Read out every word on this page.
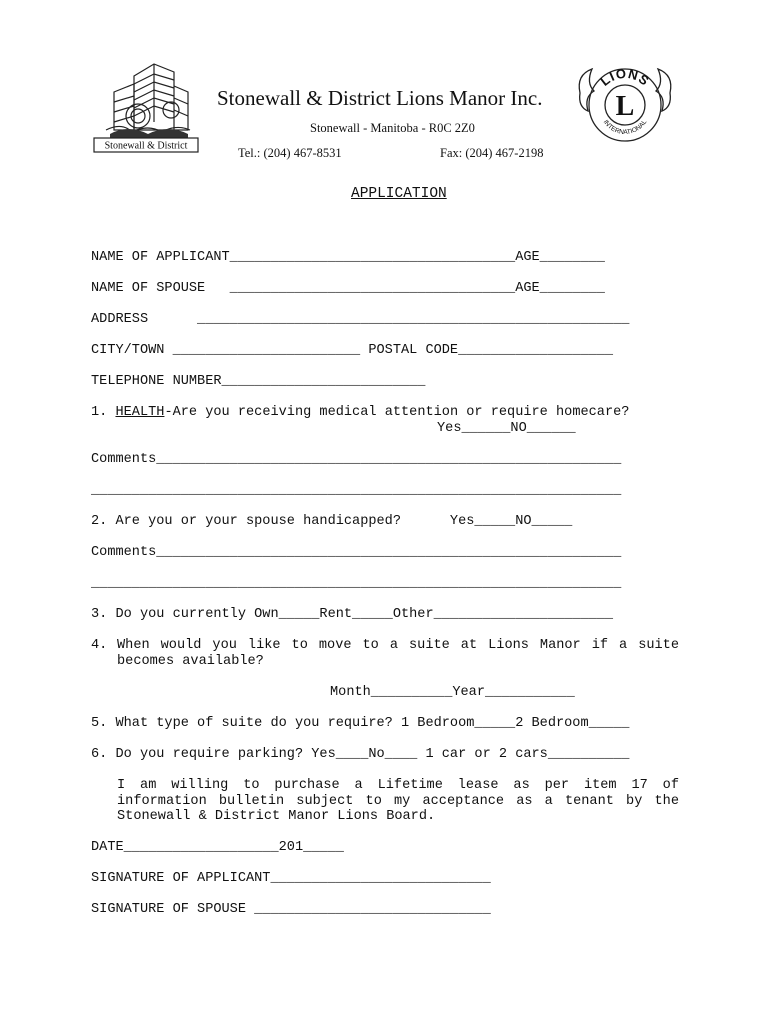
Stonewall & District
LIONS
INTERNATIONAL
L
Stonewall & District Lions Manor Inc.
Stonewall - Manitoba - R0C 2Z0
Tel.: (204) 467-8531	Fax: (204) 467-2198
APPLICATION
NAME OF APPLICANT___________________________________AGE________
NAME OF SPOUSE   ___________________________________AGE________
ADDRESS      _____________________________________________________
CITY/TOWN _______________________ POSTAL CODE___________________
TELEPHONE NUMBER_________________________
1. HEALTH-Are you receiving medical attention or require homecare?
Yes______NO______
Comments_________________________________________________________
_________________________________________________________________
2. Are you or your spouse handicapped?      Yes_____NO_____
Comments_________________________________________________________
_________________________________________________________________
3. Do you currently Own_____Rent_____Other______________________
4. When would you like to move to a suite at Lions Manor if a suite becomes available?
Month__________Year___________
5. What type of suite do you require? 1 Bedroom_____2 Bedroom_____
6. Do you require parking? Yes____No____ 1 car or 2 cars__________
I am willing to purchase a Lifetime lease as per item 17 of information bulletin subject to my acceptance as a tenant by the Stonewall & District Manor Lions Board.
DATE___________________201_____
SIGNATURE OF APPLICANT___________________________
SIGNATURE OF SPOUSE _____________________________
